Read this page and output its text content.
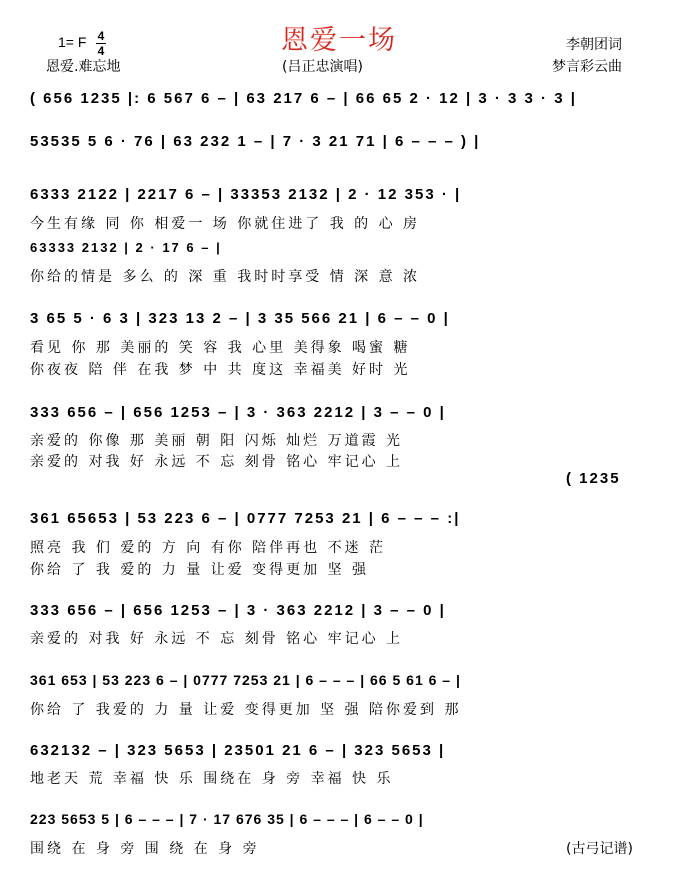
恩爱一场
1= F 4
4
恩爱.难忘地	(吕正忠演唱)
李朝团词
梦言彩云曲
( 656 1235 |: 6 567 6 – | 63 217 6 – | 66 65 2 · 12 | 3 · 3 3 · 3 |
53535 5 6 · 76 | 63 232 1 – | 7 · 3 21 71 | 6 – – – ) |
6333 2122 | 2217 6 – | 33353 2132 | 2 · 12 353 · |
今生有缘 同 你 相爱一 场 你就住进了 我 的 心 房
63333 2132 | 2 · 17 6 – |
你给的情是 多么 的 深 重 我时时享受 情 深 意 浓
3 65 5 · 6 3 | 323 13 2 – | 3 35 566 21 | 6 – – 0 |
看见 你 那 美丽的 笑 容 我 心里 美得象 喝蜜 糖
你夜夜 陪 伴 在我 梦 中 共 度这 幸福美 好时 光
333 656 – | 656 1253 – | 3 · 363 2212 | 3 – – 0 |
亲爱的 你像 那 美丽 朝 阳 闪烁 灿烂 万道霞 光
亲爱的 对我 好 永远 不 忘 刻骨 铭心 牢记心 上
( 1235
361 65653 | 53 223 6 – | 0777 7253 21 | 6 – – – :|
照亮 我 们 爱的 方 向 有你 陪伴再也 不迷 茫
你给 了 我 爱的 力 量 让爱 变得更加 坚 强
333 656 – | 656 1253 – | 3 · 363 2212 | 3 – – 0 |
亲爱的 对我 好 永远 不 忘 刻骨 铭心 牢记心 上
361 653 | 53 223 6 – | 0777 7253 21 | 6 – – – | 66 5 61 6 – |
你给 了 我爱的 力 量 让爱 变得更加 坚 强 陪你爱到 那
632132 – | 323 5653 | 23501 21 6 – | 323 5653 |
地老天 荒 幸福 快 乐 围绕在 身 旁 幸福 快 乐
223 5653 5 | 6 – – – | 7 · 17 676 35 | 6 – – – | 6 – – 0 |
围绕 在 身 旁 围 绕 在 身 旁	(古弓记谱)
